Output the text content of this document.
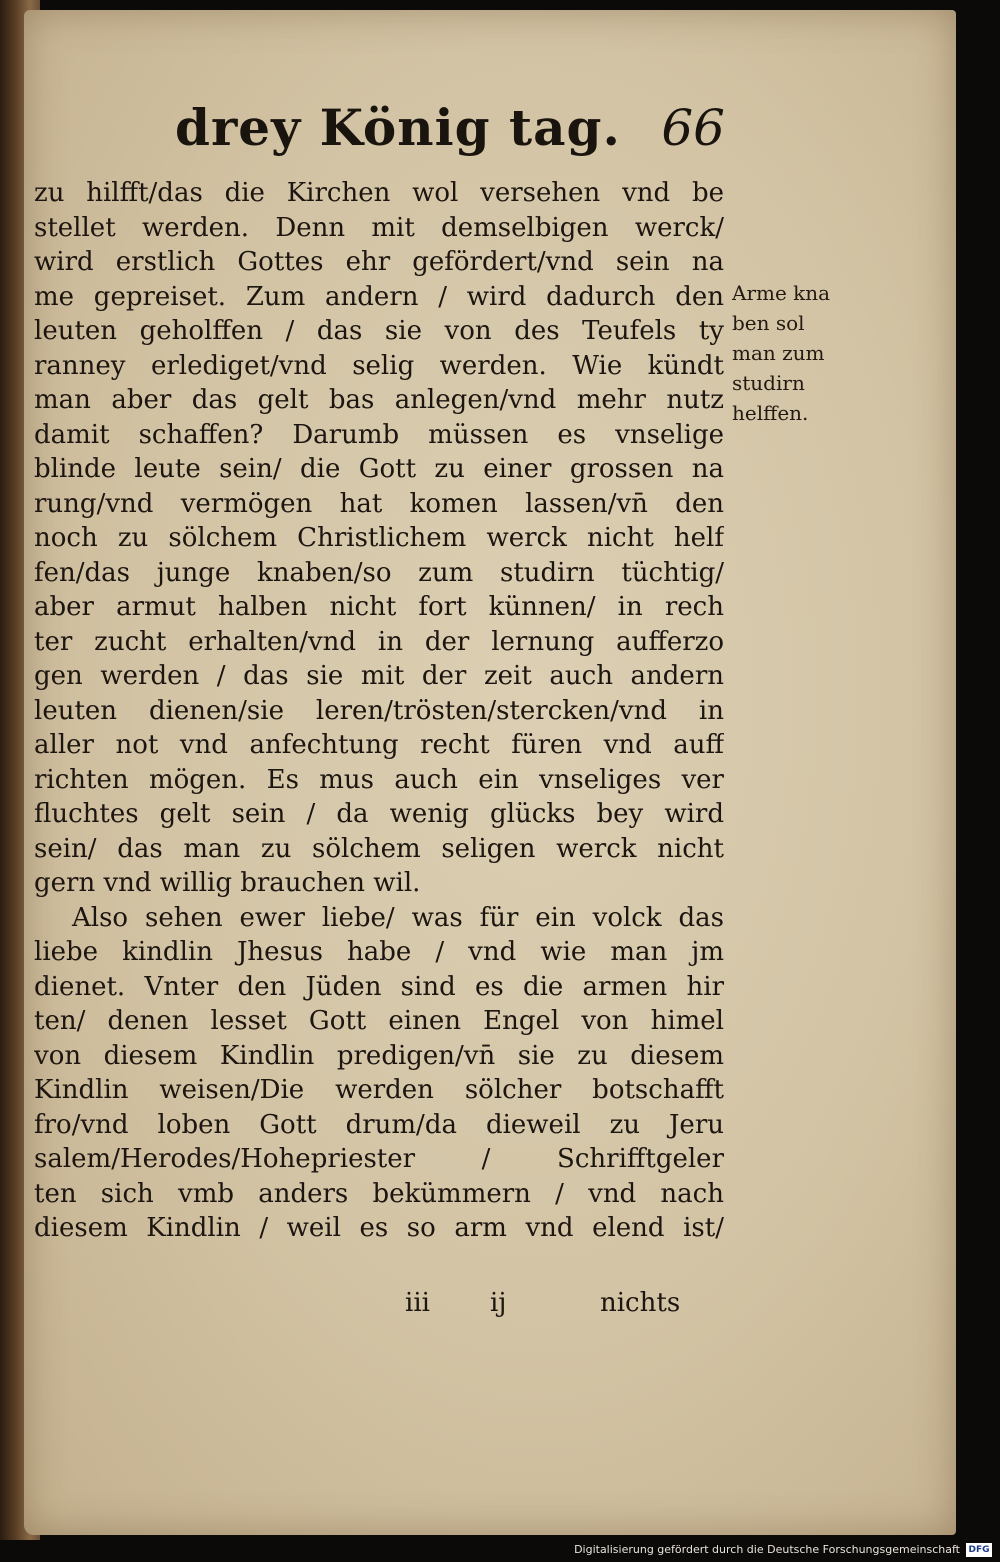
drey König tag. 66
zu hilfft/das die Kirchen wol versehen vnd be
stellet werden. Denn mit demselbigen werck/
wird erstlich Gottes ehr gefördert/vnd sein na
me gepreiset. Zum andern / wird dadurch den
leuten geholffen / das sie von des Teufels ty
ranney erlediget/vnd selig werden. Wie kündt
man aber das gelt bas anlegen/vnd mehr nutz
damit schaffen? Darumb müssen es vnselige
blinde leute sein/ die Gott zu einer grossen na
rung/vnd vermögen hat komen lassen/vn̄ den
noch zu sölchem Christlichem werck nicht helf
fen/das junge knaben/so zum studirn tüchtig/
aber armut halben nicht fort künnen/ in rech
ter zucht erhalten/vnd in der lernung aufferzo
gen werden / das sie mit der zeit auch andern
leuten dienen/sie leren/trösten/stercken/vnd in
aller not vnd anfechtung recht füren vnd auff
richten mögen. Es mus auch ein vnseliges ver
fluchtes gelt sein / da wenig glücks bey wird
sein/ das man zu sölchem seligen werck nicht
gern vnd willig brauchen wil.
Also sehen ewer liebe/ was für ein volck das
liebe kindlin Jhesus habe / vnd wie man jm
dienet. Vnter den Jüden sind es die armen hir
ten/ denen lesset Gott einen Engel von himel
von diesem Kindlin predigen/vn̄ sie zu diesem
Kindlin weisen/Die werden sölcher botschafft
fro/vnd loben Gott drum/da dieweil zu Jeru
salem/Herodes/Hohepriester / Schrifftgeler
ten sich vmb anders bekümmern / vnd nach
diesem Kindlin / weil es so arm vnd elend ist/
iii ij	nichts
Arme kna
ben sol
man zum
studirn
helffen.
Digitalisierung gefördert durch die Deutsche Forschungsgemeinschaft DFG
